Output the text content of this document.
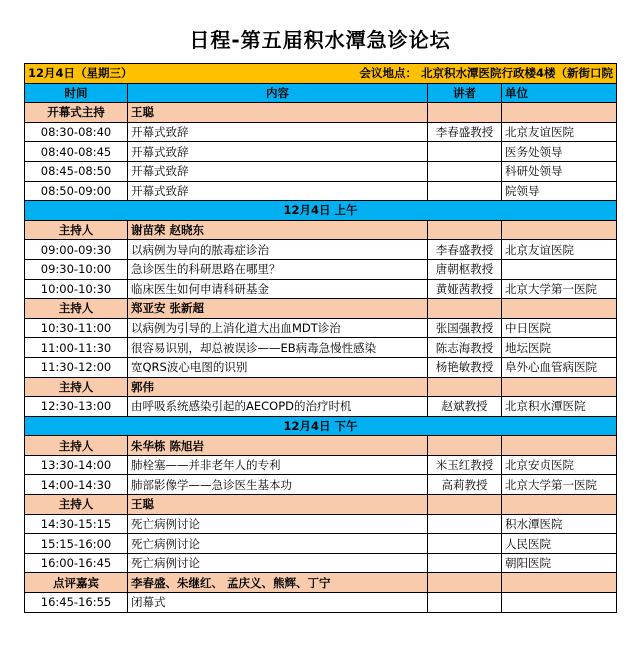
日程-第五届积水潭急诊论坛
12月4日（星期三） 会议地点： 北京积水潭医院行政楼4楼（新街口院			

时间	内容	讲者	单位
开幕式主持	王聪		
08:30-08:40	开幕式致辞	李春盛教授	北京友谊医院
08:40-08:45	开幕式致辞		医务处领导
08:45-08:50	开幕式致辞		科研处领导
08:50-09:00	开幕式致辞		院领导
12月4日 上午			
主持人	谢苗荣 赵晓东		
09:00-09:30	以病例为导向的脓毒症诊治	李春盛教授	北京友谊医院
09:30-10:00	急诊医生的科研思路在哪里？	唐朝枢教授	
10:00-10:30	临床医生如何申请科研基金	黄娅茜教授	北京大学第一医院
主持人	郑亚安 张新超		
10:30-11:00	以病例为引导的上消化道大出血MDT诊治	张国强教授	中日医院
11:00-11:30	很容易识别，却总被误诊——EB病毒急慢性感染	陈志海教授	地坛医院
11:30-12:00	宽QRS波心电图的识别	杨艳敏教授	阜外心血管病医院
主持人	郭伟		
12:30-13:00	由呼吸系统感染引起的AECOPD的治疗时机	赵斌教授	北京积水潭医院
12月4日 下午			
主持人	朱华栋 陈旭岩		
13:30-14:00	肺栓塞——并非老年人的专利	米玉红教授	北京安贞医院
14:00-14:30	肺部影像学——急诊医生基本功	高莉教授	北京大学第一医院
主持人	王聪		
14:30-15:15	死亡病例讨论		积水潭医院
15:15-16:00	死亡病例讨论		人民医院
16:00-16:45	死亡病例讨论		朝阳医院
点评嘉宾	李春盛、朱继红、 孟庆义、熊辉、丁宁		
16:45-16:55	闭幕式		
